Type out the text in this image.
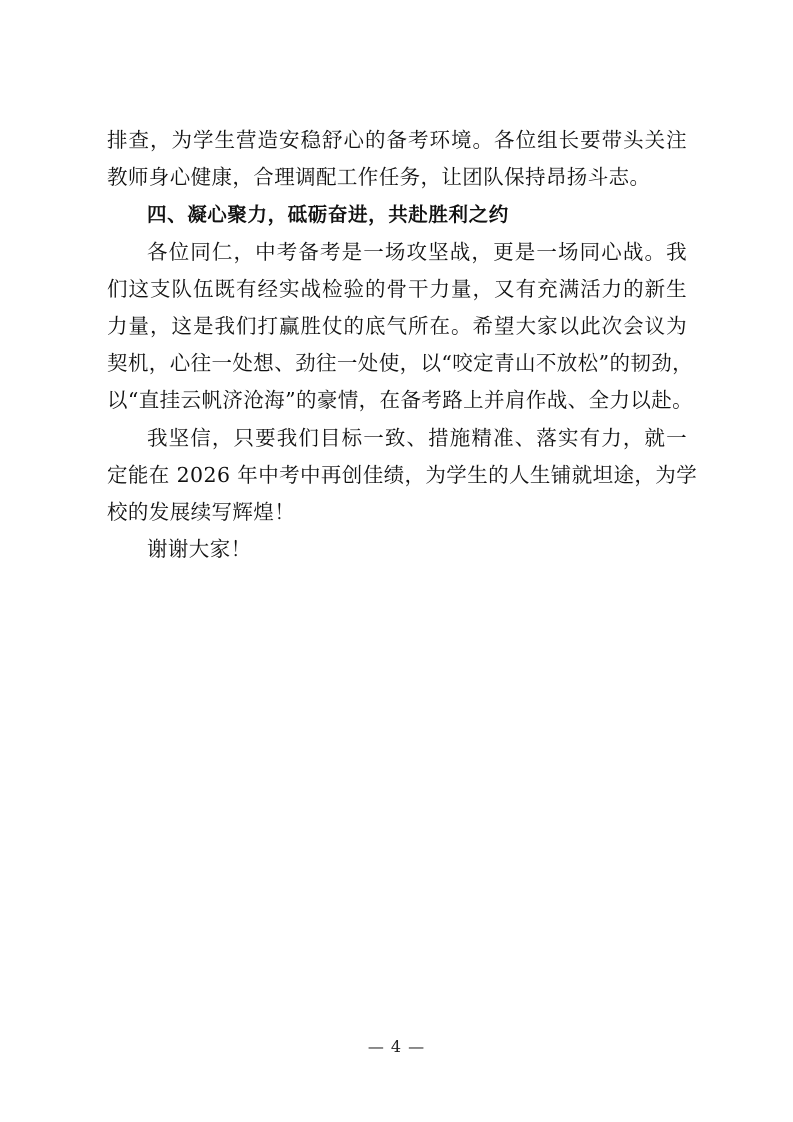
排查，为学生营造安稳舒心的备考环境。各位组长要带头关注
教师身心健康，合理调配工作任务，让团队保持昂扬斗志。
四、凝心聚力，砥砺奋进，共赴胜利之约
各位同仁，中考备考是一场攻坚战，更是一场同心战。我
们这支队伍既有经实战检验的骨干力量，又有充满活力的新生
力量，这是我们打赢胜仗的底气所在。希望大家以此次会议为
契机，心往一处想、劲往一处使，以“咬定青山不放松”的韧劲，
以“直挂云帆济沧海”的豪情，在备考路上并肩作战、全力以赴。
我坚信，只要我们目标一致、措施精准、落实有力，就一
定能在 2026 年中考中再创佳绩，为学生的人生铺就坦途，为学
校的发展续写辉煌！
谢谢大家！
— 4 —
